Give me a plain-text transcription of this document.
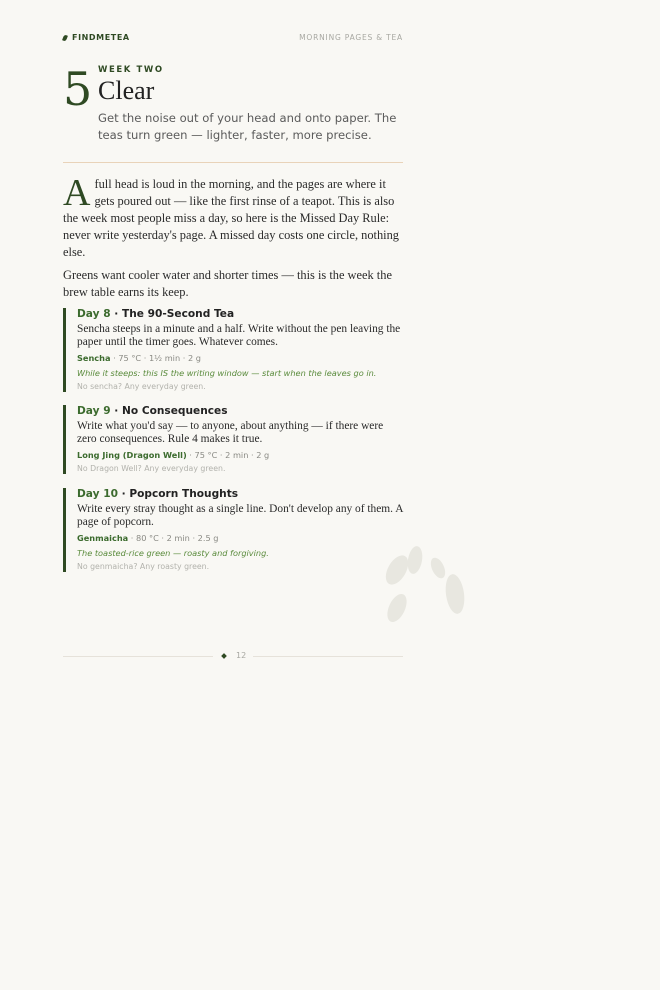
FINDMETEA	MORNING PAGES & TEA
5 WEEK TWO
Clear
Get the noise out of your head and onto paper. The teas turn green — lighter, faster, more precise.

Afull head is loud in the morning, and the pages are where it gets poured out — like the first rinse of a teapot. This is also the week most people miss a day, so here is the Missed Day Rule: never write yesterday's page. A missed day costs one circle, nothing else.

Greens want cooler water and shorter times — this is the week the brew table earns its keep.

Day 8 · The 90-Second Tea
Sencha steeps in a minute and a half. Write without the pen leaving the paper until the timer goes. Whatever comes.
Sencha · 75 °C · 1½ min · 2 g
While it steeps: this IS the writing window — start when the leaves go in.
No sencha? Any everyday green.
Day 9 · No Consequences
Write what you'd say — to anyone, about anything — if there were zero consequences. Rule 4 makes it true.
Long Jing (Dragon Well) · 75 °C · 2 min · 2 g
No Dragon Well? Any everyday green.
Day 10 · Popcorn Thoughts
Write every stray thought as a single line. Don't develop any of them. A page of popcorn.
Genmaicha · 80 °C · 2 min · 2.5 g
The toasted-rice green — roasty and forgiving.
No genmaicha? Any roasty green.
12
